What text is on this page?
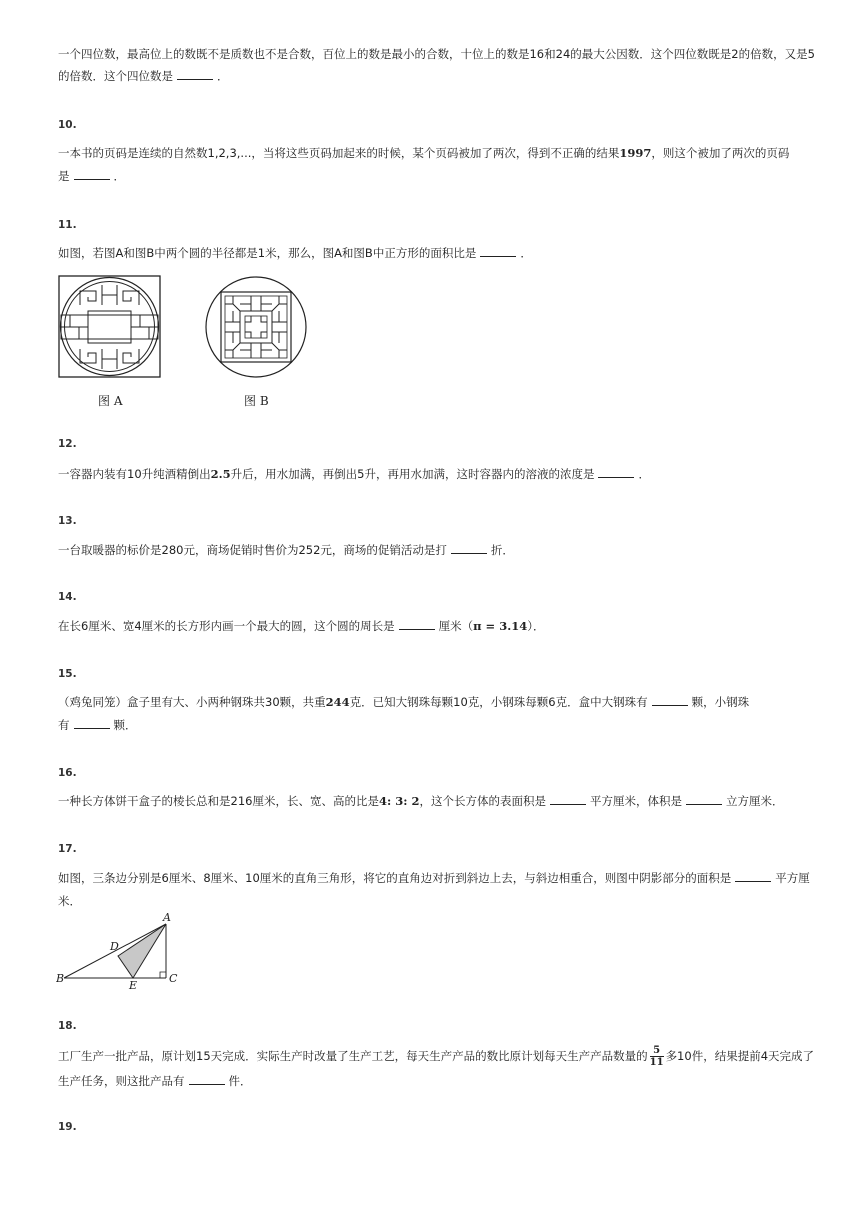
一个四位数，最高位上的数既不是质数也不是合数，百位上的数是最小的合数，十位上的数是16和24的最大公因数．这个四位数既是2的倍数，又是5
的倍数．这个四位数是	．
10.
一本书的页码是连续的自然数1,2,3,...，当将这些页码加起来的时候，某个页码被加了两次，得到不正确的结果1997，则这个被加了两次的页码
是	．
11.
如图，若图A和图B中两个圆的半径都是1米，那么，图A和图B中正方形的面积比是	．
图 A	图 B
12.
一容器内装有10升纯酒精倒出2.5升后，用水加满，再倒出5升，再用水加满，这时容器内的溶液的浓度是	．
13.
一台取暖器的标价是280元，商场促销时售价为252元，商场的促销活动是打	折．
14.
在长6厘米、宽4厘米的长方形内画一个最大的圆，这个圆的周长是	厘米（π = 3.14）．
15.
（鸡兔同笼）盒子里有大、小两种钢珠共30颗，共重244克．已知大钢珠每颗10克，小钢珠每颗6克．盒中大钢珠有	颗，小钢珠
有	颗．
16.
一种长方体饼干盒子的棱长总和是216厘米，长、宽、高的比是4: 3: 2，这个长方体的表面积是	平方厘米，体积是	立方厘米．
17.
如图，三条边分别是6厘米、8厘米、10厘米的直角三角形，将它的直角边对折到斜边上去，与斜边相重合，则图中阴影部分的面积是	平方厘
米．
A
B	C
D
E
18.
工厂生产一批产品，原计划15天完成．实际生产时改量了生产工艺，每天生产产品的数比原计划每天生产产品数量的 $\frac{5}{11}$ 多10件，结果提前4天完成了
生产任务，则这批产品有	件．
19.
